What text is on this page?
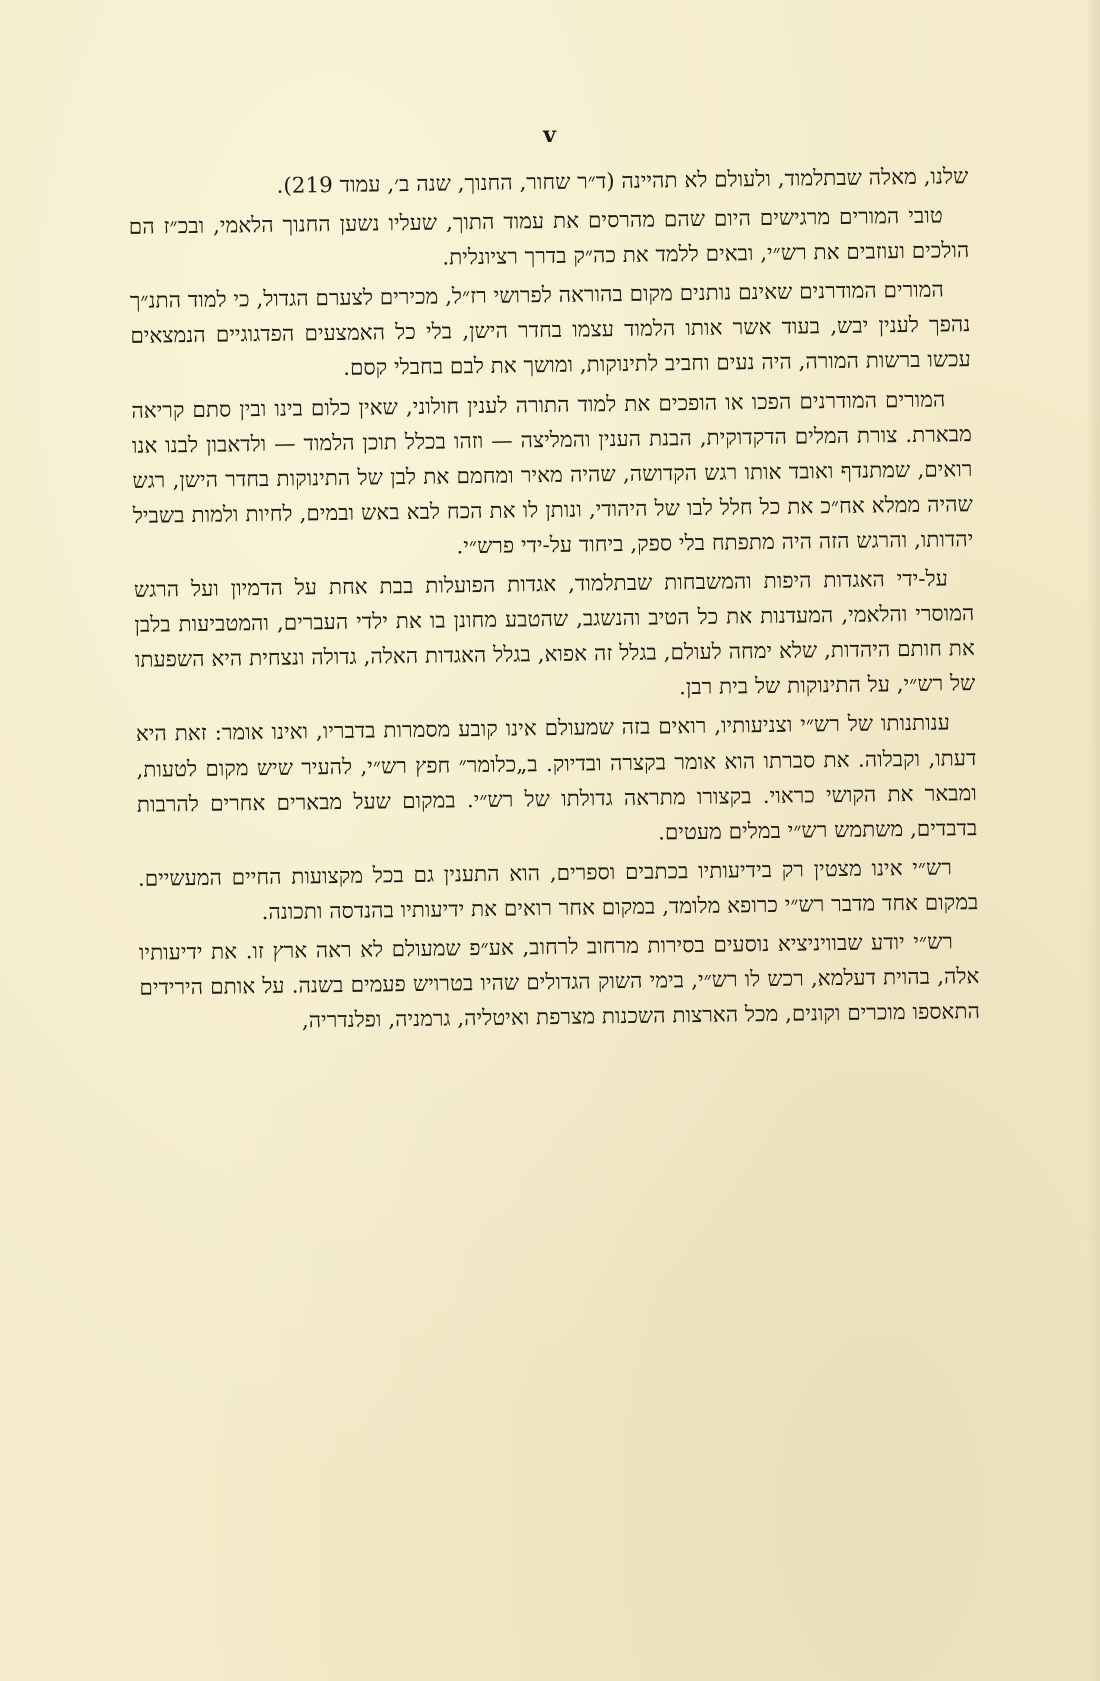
v

שלנו, מאלה שבתלמוד, ולעולם לא תהיינה (ד״ר שחור, החנוך, שנה ב׳, עמוד 219).

טובי המורים מרגישים היום שהם מהרסים את עמוד התוך, שעליו נשען החנוך הלאמי, ובכ״ז הם הולכים ועוזבים את רש״י, ובאים ללמד את כה״ק בדרך רציונלית.

המורים המודרנים שאינם נותנים מקום בהוראה לפרושי רז״ל, מכירים לצערם הגדול, כי למוד התנ״ך נהפך לענין יבש, בעוד אשר אותו הלמוד עצמו בחדר הישן, בלי כל האמצעים הפדגוגיים הנמצאים עכשו ברשות המורה, היה נעים וחביב לתינוקות, ומושך את לבם בחבלי קסם.

המורים המודרנים הפכו או הופכים את למוד התורה לענין חולוני, שאין כלום בינו ובין סתם קריאה מבארת. צורת המלים הדקדוקית, הבנת הענין והמליצה — וזהו בכלל תוכן הלמוד — ולדאבון לבנו אנו רואים, שמתנדף ואובד אותו רגש הקדושה, שהיה מאיר ומחמם את לבן של התינוקות בחדר הישן, רגש שהיה ממלא אח״כ את כל חלל לבו של היהודי, ונותן לו את הכח לבא באש ובמים, לחיות ולמות בשביל יהדותו, והרגש הזה היה מתפתח בלי ספק, ביחוד על-ידי פרש״י.

על-ידי האגדות היפות והמשבחות שבתלמוד, אגדות הפועלות בבת אחת על הדמיון ועל הרגש המוסרי והלאמי, המעדנות את כל הטיב והנשגב, שהטבע מחונן בו את ילדי העברים, והמטביעות בלבן את חותם היהדות, שלא ימחה לעולם, בגלל זה אפוא, בגלל האגדות האלה, גדולה ונצחית היא השפעתו של רש״י, על התינוקות של בית רבן.

ענותנותו של רש״י וצניעותיו, רואים בזה שמעולם אינו קובע מסמרות בדבריו, ואינו אומר: זאת היא דעתו, וקבלוה. את סברתו הוא אומר בקצרה ובדיוק. ב„כלומר״ חפץ רש״י, להעיר שיש מקום לטעות, ומבאר את הקושי כראוי. בקצורו מתראה גדולתו של רש״י. במקום שעל מבארים אחרים להרבות בדבדים, משתמש רש״י במלים מעטים.

רש״י אינו מצטין רק בידיעותיו בכתבים וספרים, הוא התענין גם בכל מקצועות החיים המעשיים. במקום אחד מדבר רש״י כרופא מלומד, במקום אחר רואים את ידיעותיו בהנדסה ותכונה.

רש״י יודע שבוויניציא נוסעים בסירות מרחוב לרחוב, אע״פ שמעולם לא ראה ארץ זו. את ידיעותיו אלה, בהוית דעלמא, רכש לו רש״י, בימי השוק הגדולים שהיו בטרויש פעמים בשנה. על אותם הירידים התאספו מוכרים וקונים, מכל הארצות השכנות מצרפת ואיטליה, גרמניה, ופלנדריה,
